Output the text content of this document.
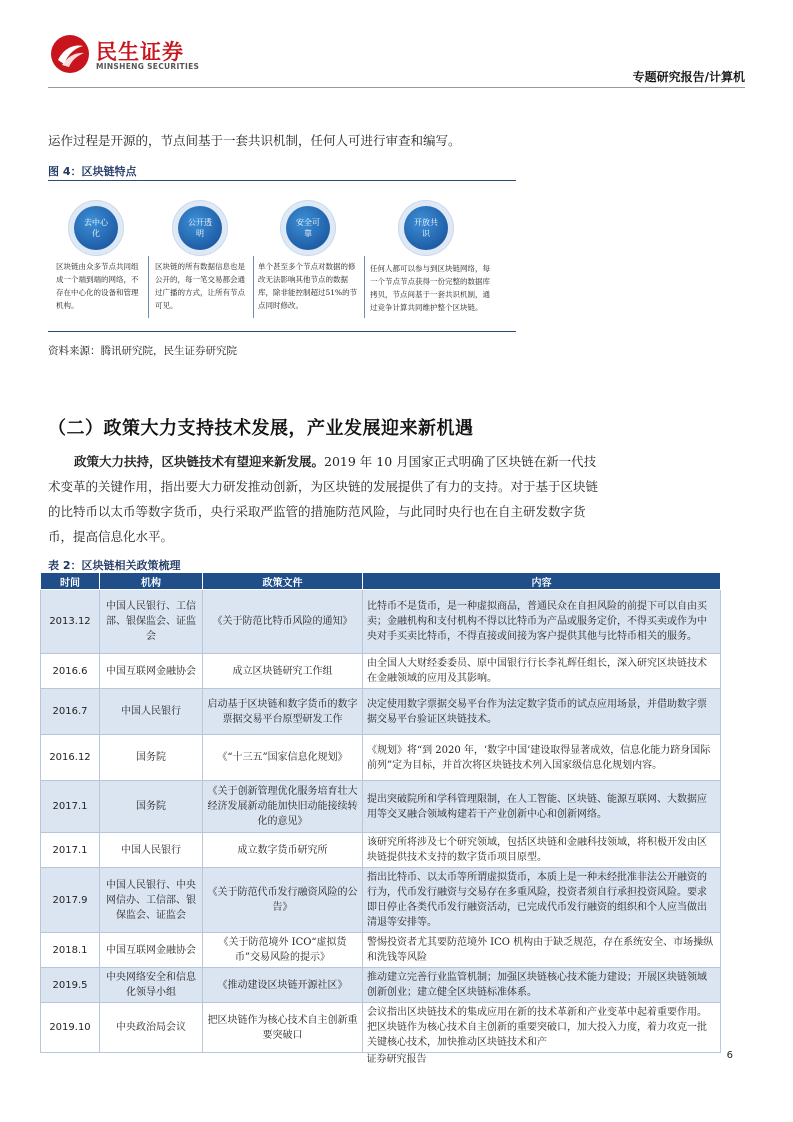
民生证券
MINSHENG SECURITIES
专题研究报告/计算机
运作过程是开源的，节点间基于一套共识机制，任何人可进行审查和编写。
图 4：区块链特点
去中心化
公开透明
安全可靠
开放共识
区块链由众多节点共同组成一个端到端的网络，不存在中心化的设备和管理机构。
区块链的所有数据信息也是公开的，每一笔交易都会通过广播的方式，让所有节点可见。
单个甚至多个节点对数据的修改无法影响其他节点的数据库，除非能控制超过51%的节点同时修改。
任何人都可以参与到区块链网络，每一个节点节点获得一份完整的数据库拷贝，节点间基于一套共识机制，通过竞争计算共同维护整个区块链。
资料来源：腾讯研究院，民生证券研究院
（二）政策大力支持技术发展，产业发展迎来新机遇
政策大力扶持，区块链技术有望迎来新发展。2019 年 10 月国家正式明确了区块链在新一代技术变革的关键作用，指出要大力研发推动创新，为区块链的发展提供了有力的支持。对于基于区块链的比特币以太币等数字货币，央行采取严监管的措施防范风险，与此同时央行也在自主研发数字货币，提高信息化水平。
表 2：区块链相关政策梳理
时间	机构	政策文件	内容
2013.12	中国人民银行、工信部、银保监会、证监会	《关于防范比特币风险的通知》	比特币不是货币，是一种虚拟商品，普通民众在自担风险的前提下可以自由买卖；金融机构和支付机构不得以比特币为产品或服务定价，不得买卖或作为中央对手买卖比特币，不得直接或间接为客户提供其他与比特币相关的服务。
2016.6	中国互联网金融协会	成立区块链研究工作组	由全国人大财经委委员、原中国银行行长李礼辉任组长，深入研究区块链技术在金融领域的应用及其影响。
2016.7	中国人民银行	启动基于区块链和数字货币的数字票据交易平台原型研发工作	决定使用数字票据交易平台作为法定数字货币的试点应用场景，并借助数字票据交易平台验证区块链技术。
2016.12	国务院	《“十三五”国家信息化规划》	《规划》将“到 2020 年，‘数字中国’建设取得显著成效，信息化能力跻身国际前列”定为目标，并首次将区块链技术列入国家级信息化规划内容。
2017.1	国务院	《关于创新管理优化服务培育壮大经济发展新动能加快旧动能接续转化的意见》	提出突破院所和学科管理限制，在人工智能、区块链、能源互联网、大数据应用等交叉融合领域构建若干产业创新中心和创新网络。
2017.1	中国人民银行	成立数字货币研究所	该研究所将涉及七个研究领域，包括区块链和金融科技领域，将积极开发由区块链提供技术支持的数字货币项目原型。
2017.9	中国人民银行、中央网信办、工信部、银保监会、证监会	《关于防范代币发行融资风险的公告》	指出比特币、以太币等所谓虚拟货币，本质上是一种未经批准非法公开融资的行为，代币发行融资与交易存在多重风险，投资者须自行承担投资风险。要求即日停止各类代币发行融资活动，已完成代币发行融资的组织和个人应当做出清退等安排等。
2018.1	中国互联网金融协会	《关于防范境外 ICO“虚拟货币”交易风险的提示》	警惕投资者尤其要防范境外 ICO 机构由于缺乏规范，存在系统安全、市场操纵和洗钱等风险
2019.5	中央网络安全和信息化领导小组	《推动建设区块链开源社区》	推动建立完善行业监管机制；加强区块链核心技术能力建设；开展区块链领域创新创业；建立健全区块链标准体系。
2019.10	中央政治局会议	把区块链作为核心技术自主创新重要突破口	会议指出区块链技术的集成应用在新的技术革新和产业变革中起着重要作用。把区块链作为核心技术自主创新的重要突破口，加大投入力度，着力攻克一批关键核心技术，加快推动区块链技术和产
证券研究报告	6
